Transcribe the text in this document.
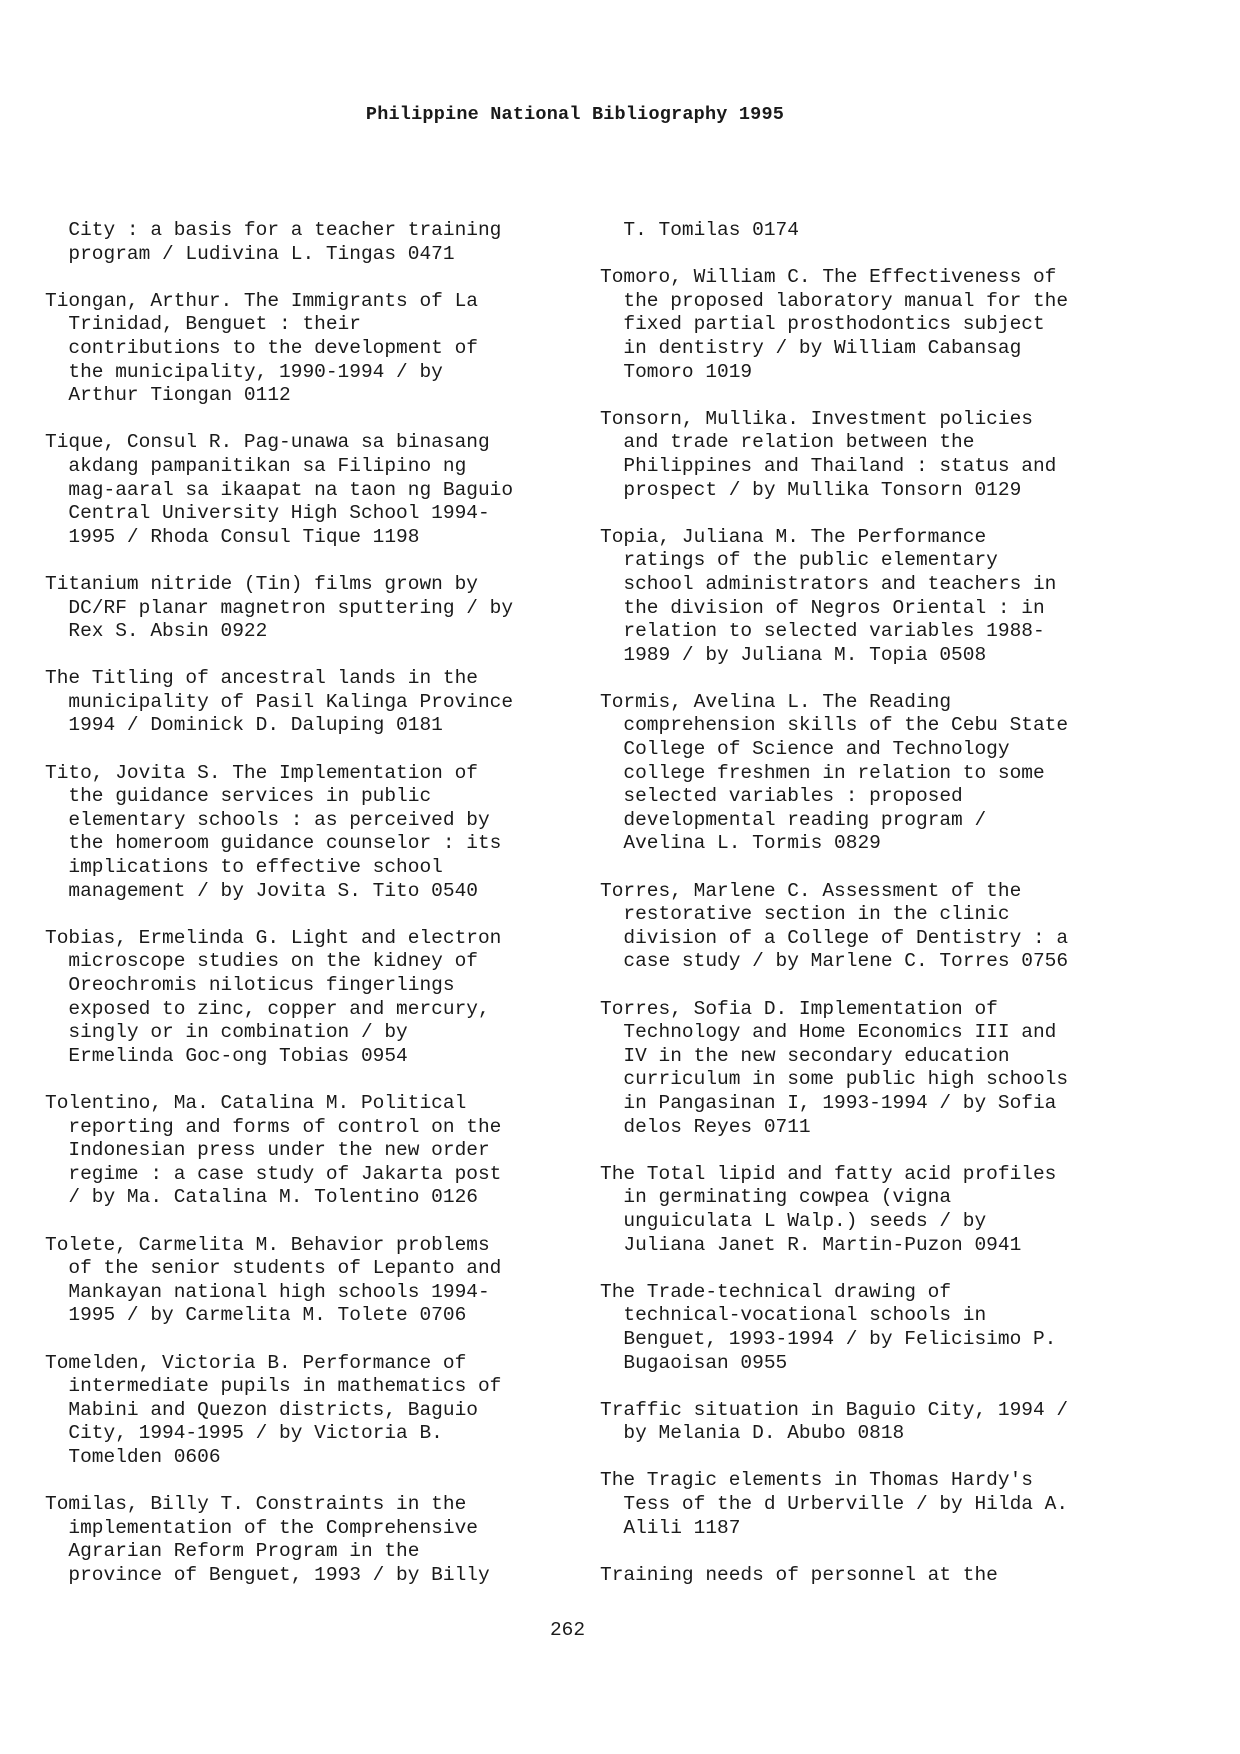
Philippine National Bibliography 1995
City : a basis for a teacher training
program / Ludivina L. Tingas 0471
Tiongan, Arthur. The Immigrants of La
Trinidad, Benguet : their
contributions to the development of
the municipality, 1990-1994 / by
Arthur Tiongan 0112
Tique, Consul R. Pag-unawa sa binasang
akdang pampanitikan sa Filipino ng
mag-aaral sa ikaapat na taon ng Baguio
Central University High School 1994-
1995 / Rhoda Consul Tique 1198
Titanium nitride (Tin) films grown by
DC/RF planar magnetron sputtering / by
Rex S. Absin 0922
The Titling of ancestral lands in the
municipality of Pasil Kalinga Province
1994 / Dominick D. Daluping 0181
Tito, Jovita S. The Implementation of
the guidance services in public
elementary schools : as perceived by
the homeroom guidance counselor : its
implications to effective school
management / by Jovita S. Tito 0540
Tobias, Ermelinda G. Light and electron
microscope studies on the kidney of
Oreochromis niloticus fingerlings
exposed to zinc, copper and mercury,
singly or in combination / by
Ermelinda Goc-ong Tobias 0954
Tolentino, Ma. Catalina M. Political
reporting and forms of control on the
Indonesian press under the new order
regime : a case study of Jakarta post
/ by Ma. Catalina M. Tolentino 0126
Tolete, Carmelita M. Behavior problems
of the senior students of Lepanto and
Mankayan national high schools 1994-
1995 / by Carmelita M. Tolete 0706
Tomelden, Victoria B. Performance of
intermediate pupils in mathematics of
Mabini and Quezon districts, Baguio
City, 1994-1995 / by Victoria B.
Tomelden 0606
Tomilas, Billy T. Constraints in the
implementation of the Comprehensive
Agrarian Reform Program in the
province of Benguet, 1993 / by Billy
T. Tomilas 0174
Tomoro, William C. The Effectiveness of
the proposed laboratory manual for the
fixed partial prosthodontics subject
in dentistry / by William Cabansag
Tomoro 1019
Tonsorn, Mullika. Investment policies
and trade relation between the
Philippines and Thailand : status and
prospect / by Mullika Tonsorn 0129
Topia, Juliana M. The Performance
ratings of the public elementary
school administrators and teachers in
the division of Negros Oriental : in
relation to selected variables 1988-
1989 / by Juliana M. Topia 0508
Tormis, Avelina L. The Reading
comprehension skills of the Cebu State
College of Science and Technology
college freshmen in relation to some
selected variables : proposed
developmental reading program /
Avelina L. Tormis 0829
Torres, Marlene C. Assessment of the
restorative section in the clinic
division of a College of Dentistry : a
case study / by Marlene C. Torres 0756
Torres, Sofia D. Implementation of
Technology and Home Economics III and
IV in the new secondary education
curriculum in some public high schools
in Pangasinan I, 1993-1994 / by Sofia
delos Reyes 0711
The Total lipid and fatty acid profiles
in germinating cowpea (vigna
unguiculata L Walp.) seeds / by
Juliana Janet R. Martin-Puzon 0941
The Trade-technical drawing of
technical-vocational schools in
Benguet, 1993-1994 / by Felicisimo P.
Bugaoisan 0955
Traffic situation in Baguio City, 1994 /
by Melania D. Abubo 0818
The Tragic elements in Thomas Hardy's
Tess of the d Urberville / by Hilda A.
Alili 1187
Training needs of personnel at the
262
